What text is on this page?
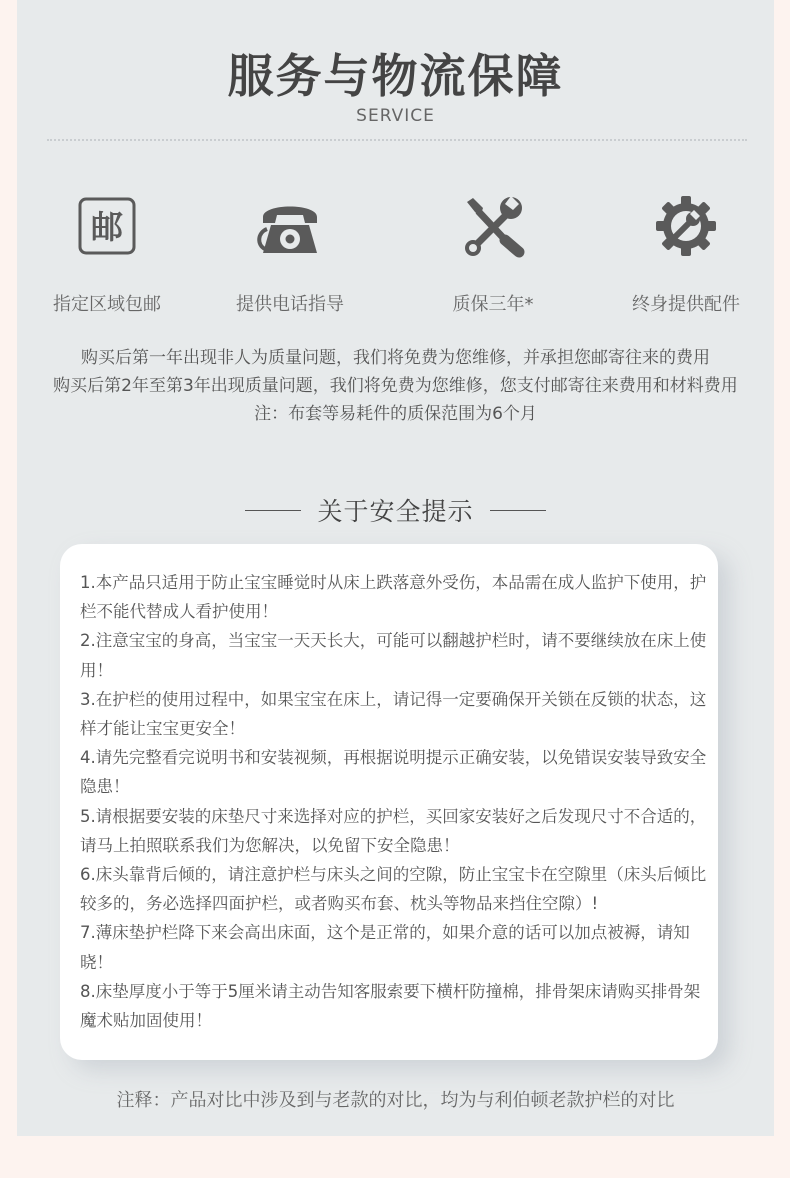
服务与物流保障
SERVICE
邮
指定区域包邮	提供电话指导	质保三年*	终身提供配件
购买后第一年出现非人为质量问题，我们将免费为您维修，并承担您邮寄往来的费用
购买后第2年至第3年出现质量问题，我们将免费为您维修，您支付邮寄往来费用和材料费用
注：布套等易耗件的质保范围为6个月
关于安全提示

1.本产品只适用于防止宝宝睡觉时从床上跌落意外受伤，本品需在成人监护下使用，护栏不能代替成人看护使用！

2.注意宝宝的身高，当宝宝一天天长大，可能可以翻越护栏时，请不要继续放在床上使用！

3.在护栏的使用过程中，如果宝宝在床上，请记得一定要确保开关锁在反锁的状态，这样才能让宝宝更安全！

4.请先完整看完说明书和安装视频，再根据说明提示正确安装，以免错误安装导致安全隐患！

5.请根据要安装的床垫尺寸来选择对应的护栏，买回家安装好之后发现尺寸不合适的，请马上拍照联系我们为您解决，以免留下安全隐患！

6.床头靠背后倾的，请注意护栏与床头之间的空隙，防止宝宝卡在空隙里（床头后倾比较多的，务必选择四面护栏，或者购买布套、枕头等物品来挡住空隙）!

7.薄床垫护栏降下来会高出床面，这个是正常的，如果介意的话可以加点被褥，请知晓！

8.床垫厚度小于等于5厘米请主动告知客服索要下横杆防撞棉，排骨架床请购买排骨架魔术贴加固使用！

注释：产品对比中涉及到与老款的对比，均为与利伯顿老款护栏的对比
